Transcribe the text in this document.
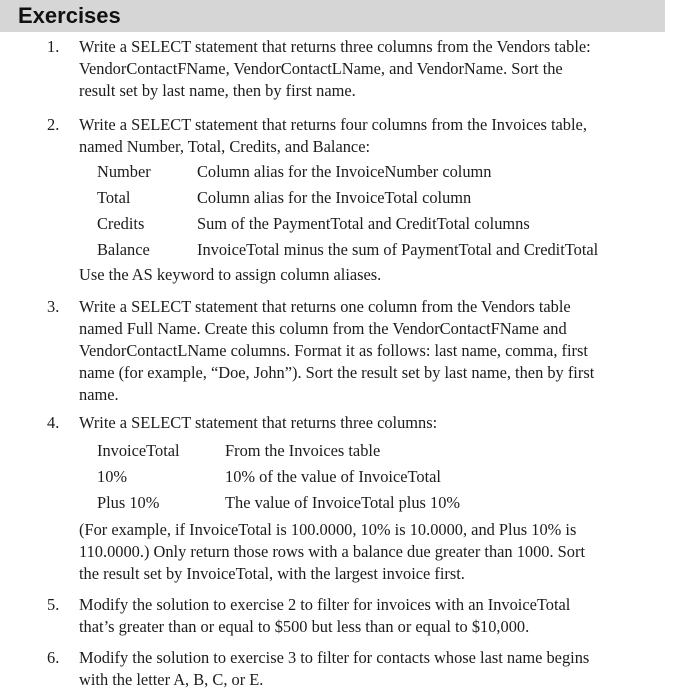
Exercises
1. Write a SELECT statement that returns three columns from the Vendors table:
VendorContactFName, VendorContactLName, and VendorName. Sort the
result set by last name, then by first name.
2. Write a SELECT statement that returns four columns from the Invoices table,
named Number, Total, Credits, and Balance:
Number	Column alias for the InvoiceNumber column
Total	Column alias for the InvoiceTotal column
Credits	Sum of the PaymentTotal and CreditTotal columns
Balance	InvoiceTotal minus the sum of PaymentTotal and CreditTotal
Use the AS keyword to assign column aliases.
3. Write a SELECT statement that returns one column from the Vendors table
named Full Name. Create this column from the VendorContactFName and
VendorContactLName columns. Format it as follows: last name, comma, first
name (for example, “Doe, John”). Sort the result set by last name, then by first
name.
4. Write a SELECT statement that returns three columns:
InvoiceTotal	From the Invoices table
10%	10% of the value of InvoiceTotal
Plus 10%	The value of InvoiceTotal plus 10%
(For example, if InvoiceTotal is 100.0000, 10% is 10.0000, and Plus 10% is
110.0000.) Only return those rows with a balance due greater than 1000. Sort
the result set by InvoiceTotal, with the largest invoice first.
5. Modify the solution to exercise 2 to filter for invoices with an InvoiceTotal
that’s greater than or equal to $500 but less than or equal to $10,000.
6. Modify the solution to exercise 3 to filter for contacts whose last name begins
with the letter A, B, C, or E.
